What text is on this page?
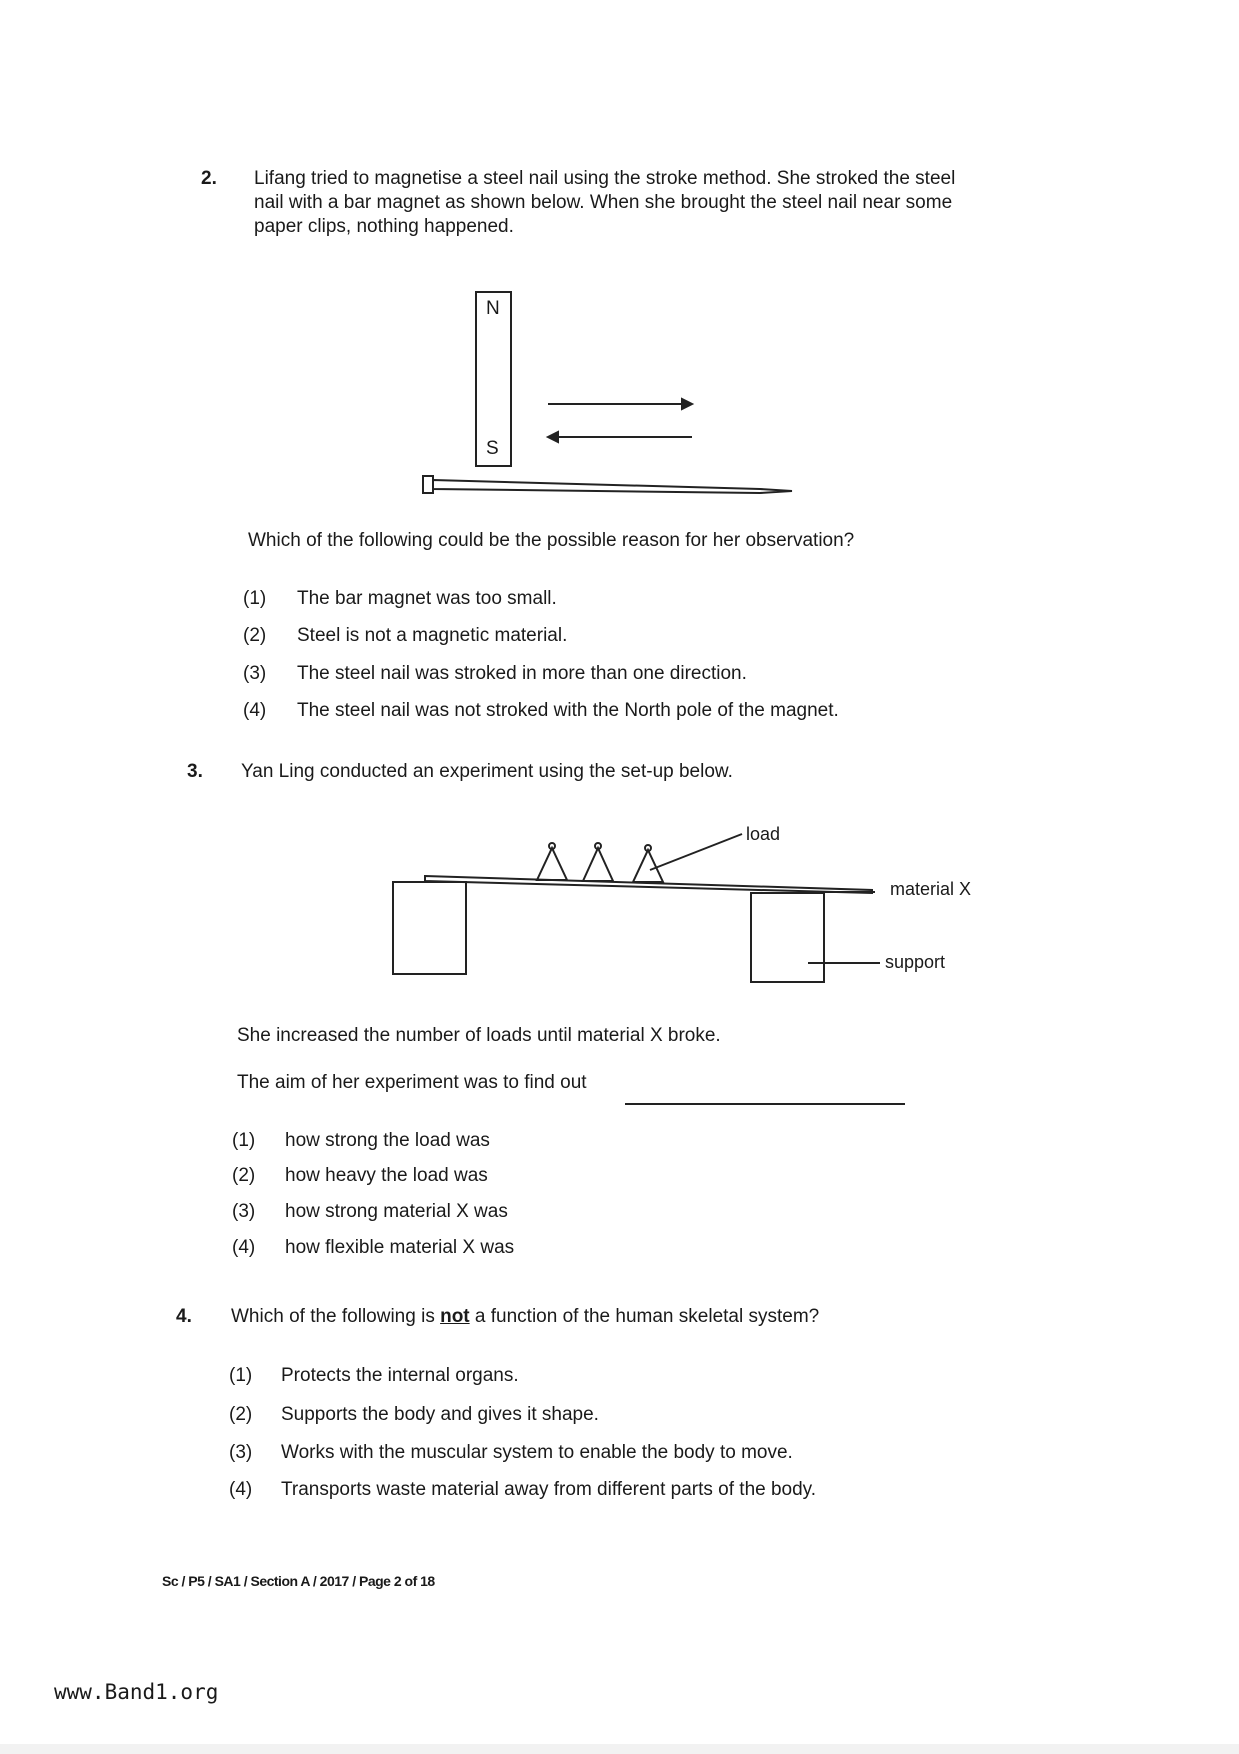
2. Lifang tried to magnetise a steel nail using the stroke method. She stroked the steel
nail with a bar magnet as shown below. When she brought the steel nail near some
paper clips, nothing happened.
N
S
Which of the following could be the possible reason for her observation?
(1) The bar magnet was too small.
(2) Steel is not a magnetic material.
(3) The steel nail was stroked in more than one direction.
(4) The steel nail was not stroked with the North pole of the magnet.
3. Yan Ling conducted an experiment using the set-up below.
load
material X
support
She increased the number of loads until material X broke.
The aim of her experiment was to find out
(1) how strong the load was
(2) how heavy the load was
(3) how strong material X was
(4) how flexible material X was
4. Which of the following is not a function of the human skeletal system?
(1) Protects the internal organs.
(2) Supports the body and gives it shape.
(3) Works with the muscular system to enable the body to move.
(4) Transports waste material away from different parts of the body.
Sc / P5 / SA1 / Section A / 2017 / Page 2 of 18
www.Band1.org
